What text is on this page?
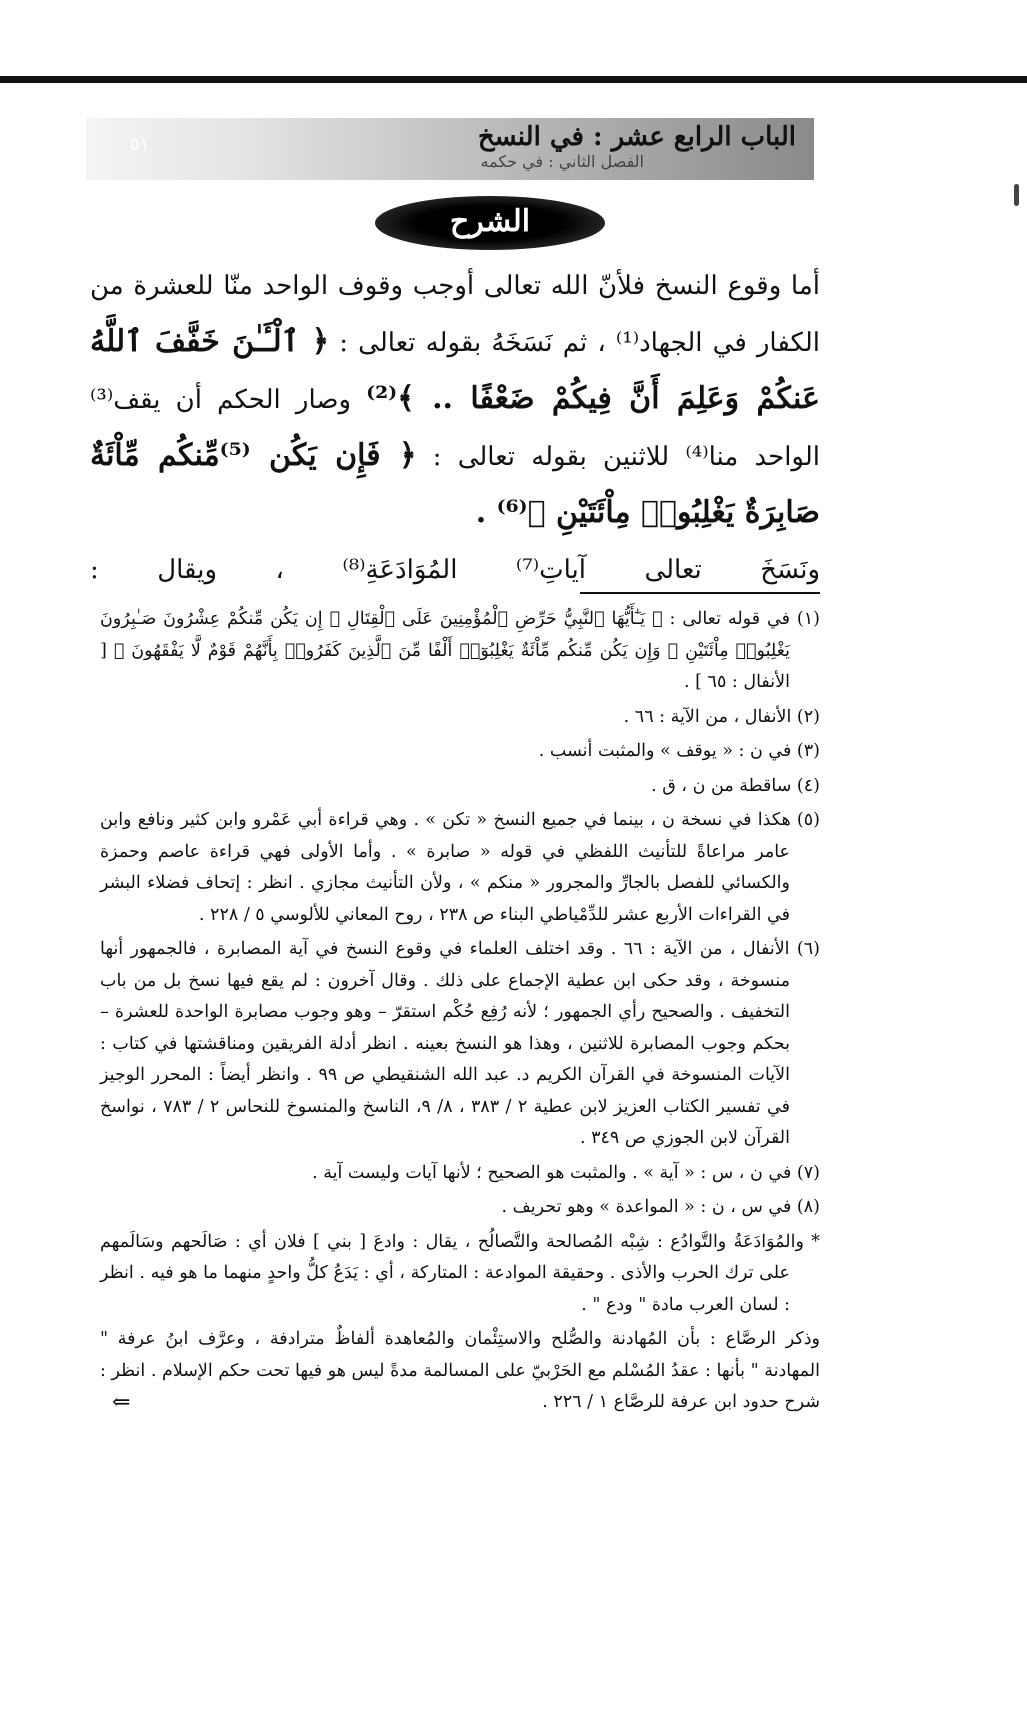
الباب الرابع عشر : في النسخ
الفصل الثاني : في حكمه
٥١
الشرح

أما وقوع النسخ فلأنّ الله تعالى أوجب وقوف الواحد منّا للعشرة من الكفار في الجهاد⁽¹⁾ ، ثم نَسَخَهُ بقوله تعالى : ﴿ ٱلْـَٔـٰنَ خَفَّفَ ٱللَّهُ عَنكُمْ وَعَلِمَ أَنَّ فِيكُمْ ضَعْفًا .. ﴾⁽²⁾ وصار الحكم أن يقف⁽³⁾ الواحد منا⁽⁴⁾ للاثنين بقوله تعالى : ﴿ فَإِن يَكُن ⁽⁵⁾مِّنكُم مِّاْئَةٌ صَابِرَةٌ يَغْلِبُوا۟ مِاْئَتَيْنِ ﴾⁽⁶⁾ .

ونَسَخَ تعالى آياتِ⁽⁷⁾ المُوَادَعَةِ⁽⁸⁾ ، ويقال :

(١) في قوله تعالى : ﴿ يَـٰٓأَيُّهَا ٱلنَّبِيُّ حَرِّضِ ٱلْمُؤْمِنِينَ عَلَى ٱلْقِتَالِ ۚ إِن يَكُن مِّنكُمْ عِشْرُونَ صَـٰبِرُونَ يَغْلِبُوا۟ مِاْئَتَيْنِ ۚ وَإِن يَكُن مِّنكُم مِّاْئَةٌ يَغْلِبُوٓا۟ أَلْفًا مِّنَ ٱلَّذِينَ كَفَرُوا۟ بِأَنَّهُمْ قَوْمٌ لَّا يَفْقَهُونَ ﴾ [ الأنفال : ٦٥ ] .

(٢) الأنفال ، من الآية : ٦٦ .

(٣) في ن : « يوقف » والمثبت أنسب .

(٤) ساقطة من ن ، ق .

(٥) هكذا في نسخة ن ، بينما في جميع النسخ « تكن » . وهي قراءة أبي عَمْرو وابن كثير ونافع وابن عامر مراعاةً للتأنيث اللفظي في قوله « صابرة » . وأما الأولى فهي قراءة عاصم وحمزة والكسائي للفصل بالجارِّ والمجرور « منكم » ، ولأن التأنيث مجازي . انظر : إتحاف فضلاء البشر في القراءات الأربع عشر للدِّمْياطي البناء ص ٢٣٨ ، روح المعاني للألوسي ٥ / ٢٢٨ .

(٦) الأنفال ، من الآية : ٦٦ . وقد اختلف العلماء في وقوع النسخ في آية المصابرة ، فالجمهور أنها منسوخة ، وقد حكى ابن عطية الإجماع على ذلك . وقال آخرون : لم يقع فيها نسخ بل من باب التخفيف . والصحيح رأي الجمهور ؛ لأنه رُفِع حُكْم استقرّ – وهو وجوب مصابرة الواحدة للعشرة – بحكم وجوب المصابرة للاثنين ، وهذا هو النسخ بعينه . انظر أدلة الفريقين ومناقشتها في كتاب : الآيات المنسوخة في القرآن الكريم د. عبد الله الشنقيطي ص ٩٩ . وانظر أيضاً : المحرر الوجيز في تفسير الكتاب العزيز لابن عطية ٢ / ٣٨٣ ، ٨/ ٩، الناسخ والمنسوخ للنحاس ٢ / ٧٨٣ ، نواسخ القرآن لابن الجوزي ص ٣٤٩ .

(٧) في ن ، س : « آية » . والمثبت هو الصحيح ؛ لأنها آيات وليست آية .

(٨) في س ، ن : « المواعدة » وهو تحريف .

* والمُوَادَعَةُ والتَّوادُع : شِبْه المُصالحة والتَّصالُح ، يقال : وادعَ [ بني ] فلان أي : صَالَحهم وسَالَمهم على ترك الحرب والأذى . وحقيقة الموادعة : المتاركة ، أي : يَدَعُ كلُّ واحدٍ منهما ما هو فيه . انظر : لسان العرب مادة " ودع " .

وذكر الرصَّاع : بأن المُهادنة والصُّلح والاستِئْمان والمُعاهدة ألفاظٌ مترادفة ، وعرَّف ابنُ عرفة " المهادنة " بأنها : عقدُ المُسْلم مع الحَرْبيّ على المسالمة مدةً ليس هو فيها تحت حكم الإسلام . انظر : شرح حدود ابن عرفة للرصَّاع ١ / ٢٢٦ .

⇐
